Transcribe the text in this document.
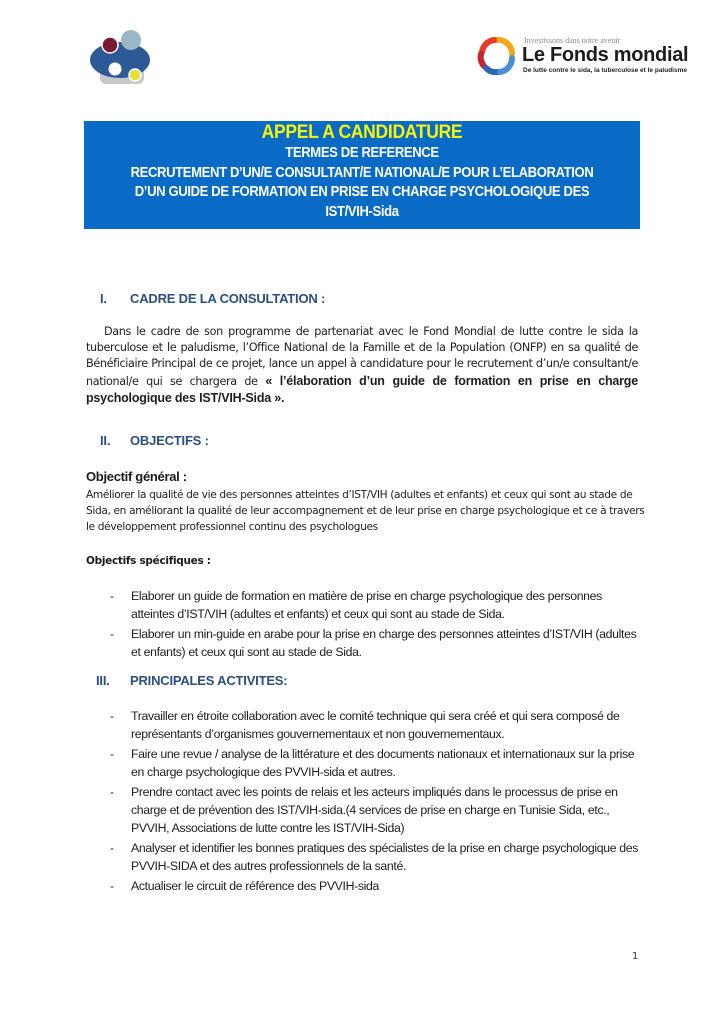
Investissons dans notre avenir
Le Fonds mondial
De lutte contre le sida, la tuberculose et le paludisme
APPEL A CANDIDATURE
TERMES DE REFERENCE
RECRUTEMENT D’UN/E CONSULTANT/E NATIONAL/E POUR L’ELABORATION
D’UN GUIDE DE FORMATION EN PRISE EN CHARGE PSYCHOLOGIQUE DES
IST/VIH-Sida
I. CADRE DE LA CONSULTATION :
Dans le cadre de son programme de partenariat avec le Fond Mondial de lutte contre le sida la tuberculose et le paludisme, l’Office National de la Famille et de la Population (ONFP) en sa qualité de Bénéficiaire Principal de ce projet, lance un appel à candidature pour le recrutement d’un/e consultant/e national/e qui se chargera de « l’élaboration d’un guide de formation en prise en charge psychologique des IST/VIH-Sida ».
II. OBJECTIFS :
Objectif général :
Améliorer la qualité de vie des personnes atteintes d’IST/VIH (adultes et enfants) et ceux qui sont au stade de Sida, en améliorant la qualité de leur accompagnement et de leur prise en charge psychologique et ce à travers le développement professionnel continu des psychologues
Objectifs spécifiques :
- Elaborer un guide de formation en matière de prise en charge psychologique des personnes atteintes d’IST/VIH (adultes et enfants) et ceux qui sont au stade de Sida.
- Elaborer un min-guide en arabe pour la prise en charge des personnes atteintes d’IST/VIH (adultes et enfants) et ceux qui sont au stade de Sida.
III. PRINCIPALES ACTIVITES:
- Travailler en étroite collaboration avec le comité technique qui sera créé et qui sera composé de représentants d’organismes gouvernementaux et non gouvernementaux.
- Faire une revue / analyse de la littérature et des documents nationaux et internationaux sur la prise en charge psychologique des PVVIH-sida et autres.
- Prendre contact avec les points de relais et les acteurs impliqués dans le processus de prise en charge et de prévention des IST/VIH-sida.(4 services de prise en charge en Tunisie Sida, etc., PVVIH, Associations de lutte contre les IST/VIH-Sida)
- Analyser et identifier les bonnes pratiques des spécialistes de la prise en charge psychologique des PVVIH-SIDA et des autres professionnels de la santé.
- Actualiser le circuit de référence des PVVIH-sida
1
